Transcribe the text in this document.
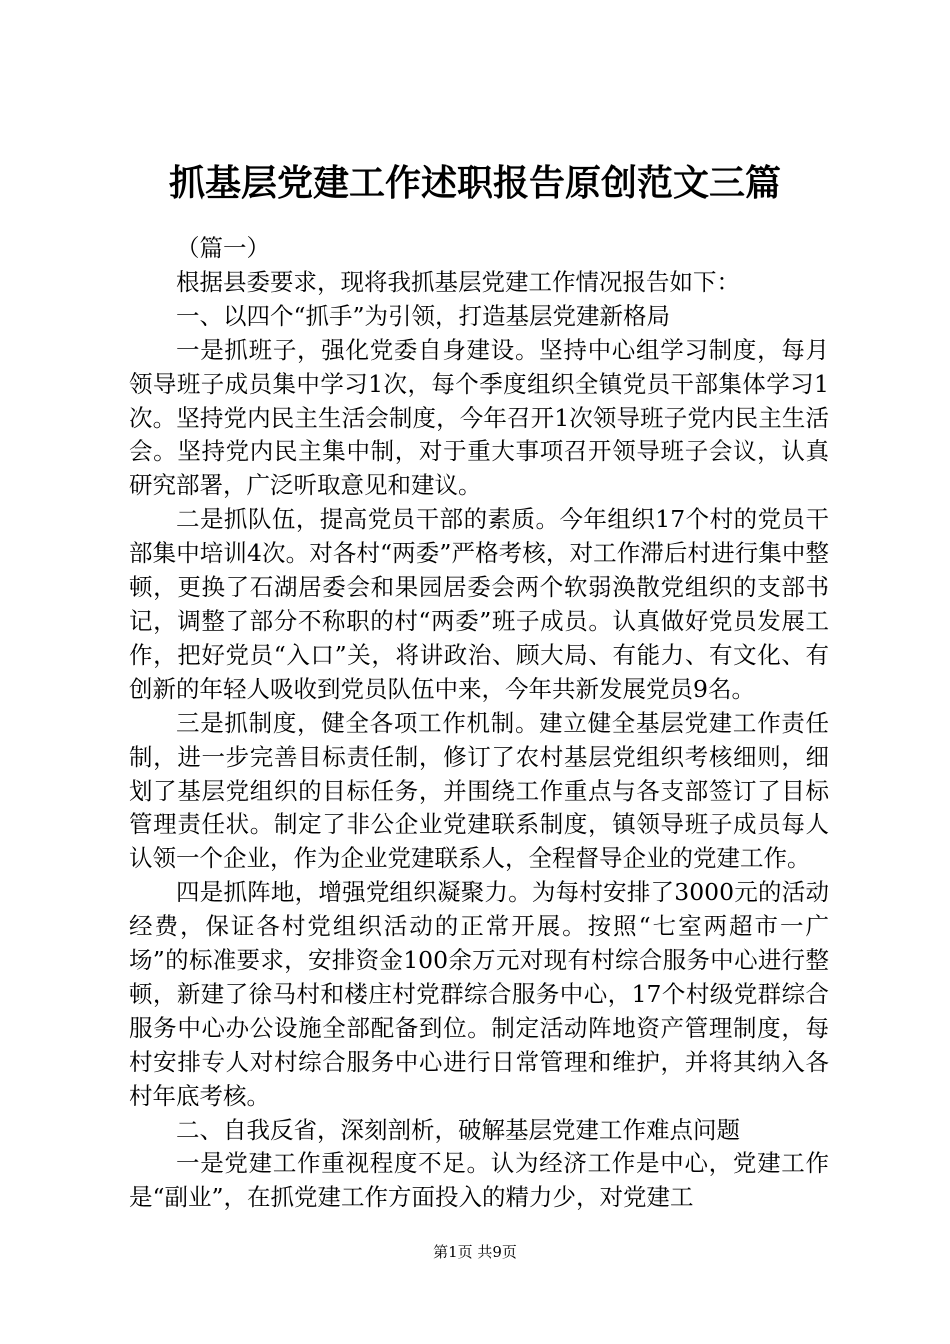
抓基层党建工作述职报告原创范文三篇

（篇一）

根据县委要求，现将我抓基层党建工作情况报告如下：

一、以四个“抓手”为引领，打造基层党建新格局

一是抓班子，强化党委自身建设。坚持中心组学习制度，每月领导班子成员集中学习1次，每个季度组织全镇党员干部集体学习1次。坚持党内民主生活会制度，今年召开1次领导班子党内民主生活会。坚持党内民主集中制，对于重大事项召开领导班子会议，认真研究部署，广泛听取意见和建议。

二是抓队伍，提高党员干部的素质。今年组织17个村的党员干部集中培训4次。对各村“两委”严格考核，对工作滞后村进行集中整顿，更换了石湖居委会和果园居委会两个软弱涣散党组织的支部书记，调整了部分不称职的村“两委”班子成员。认真做好党员发展工作，把好党员“入口”关，将讲政治、顾大局、有能力、有文化、有创新的年轻人吸收到党员队伍中来，今年共新发展党员9名。

三是抓制度，健全各项工作机制。建立健全基层党建工作责任制，进一步完善目标责任制，修订了农村基层党组织考核细则，细划了基层党组织的目标任务，并围绕工作重点与各支部签订了目标管理责任状。制定了非公企业党建联系制度，镇领导班子成员每人认领一个企业，作为企业党建联系人，全程督导企业的党建工作。

四是抓阵地，增强党组织凝聚力。为每村安排了3000元的活动经费，保证各村党组织活动的正常开展。按照“七室两超市一广场”的标准要求，安排资金100余万元对现有村综合服务中心进行整顿，新建了徐马村和楼庄村党群综合服务中心，17个村级党群综合服务中心办公设施全部配备到位。制定活动阵地资产管理制度，每村安排专人对村综合服务中心进行日常管理和维护，并将其纳入各村年底考核。

二、自我反省，深刻剖析，破解基层党建工作难点问题

一是党建工作重视程度不足。认为经济工作是中心，党建工作是“副业”，在抓党建工作方面投入的精力少，对党建工

第1页 共9页
